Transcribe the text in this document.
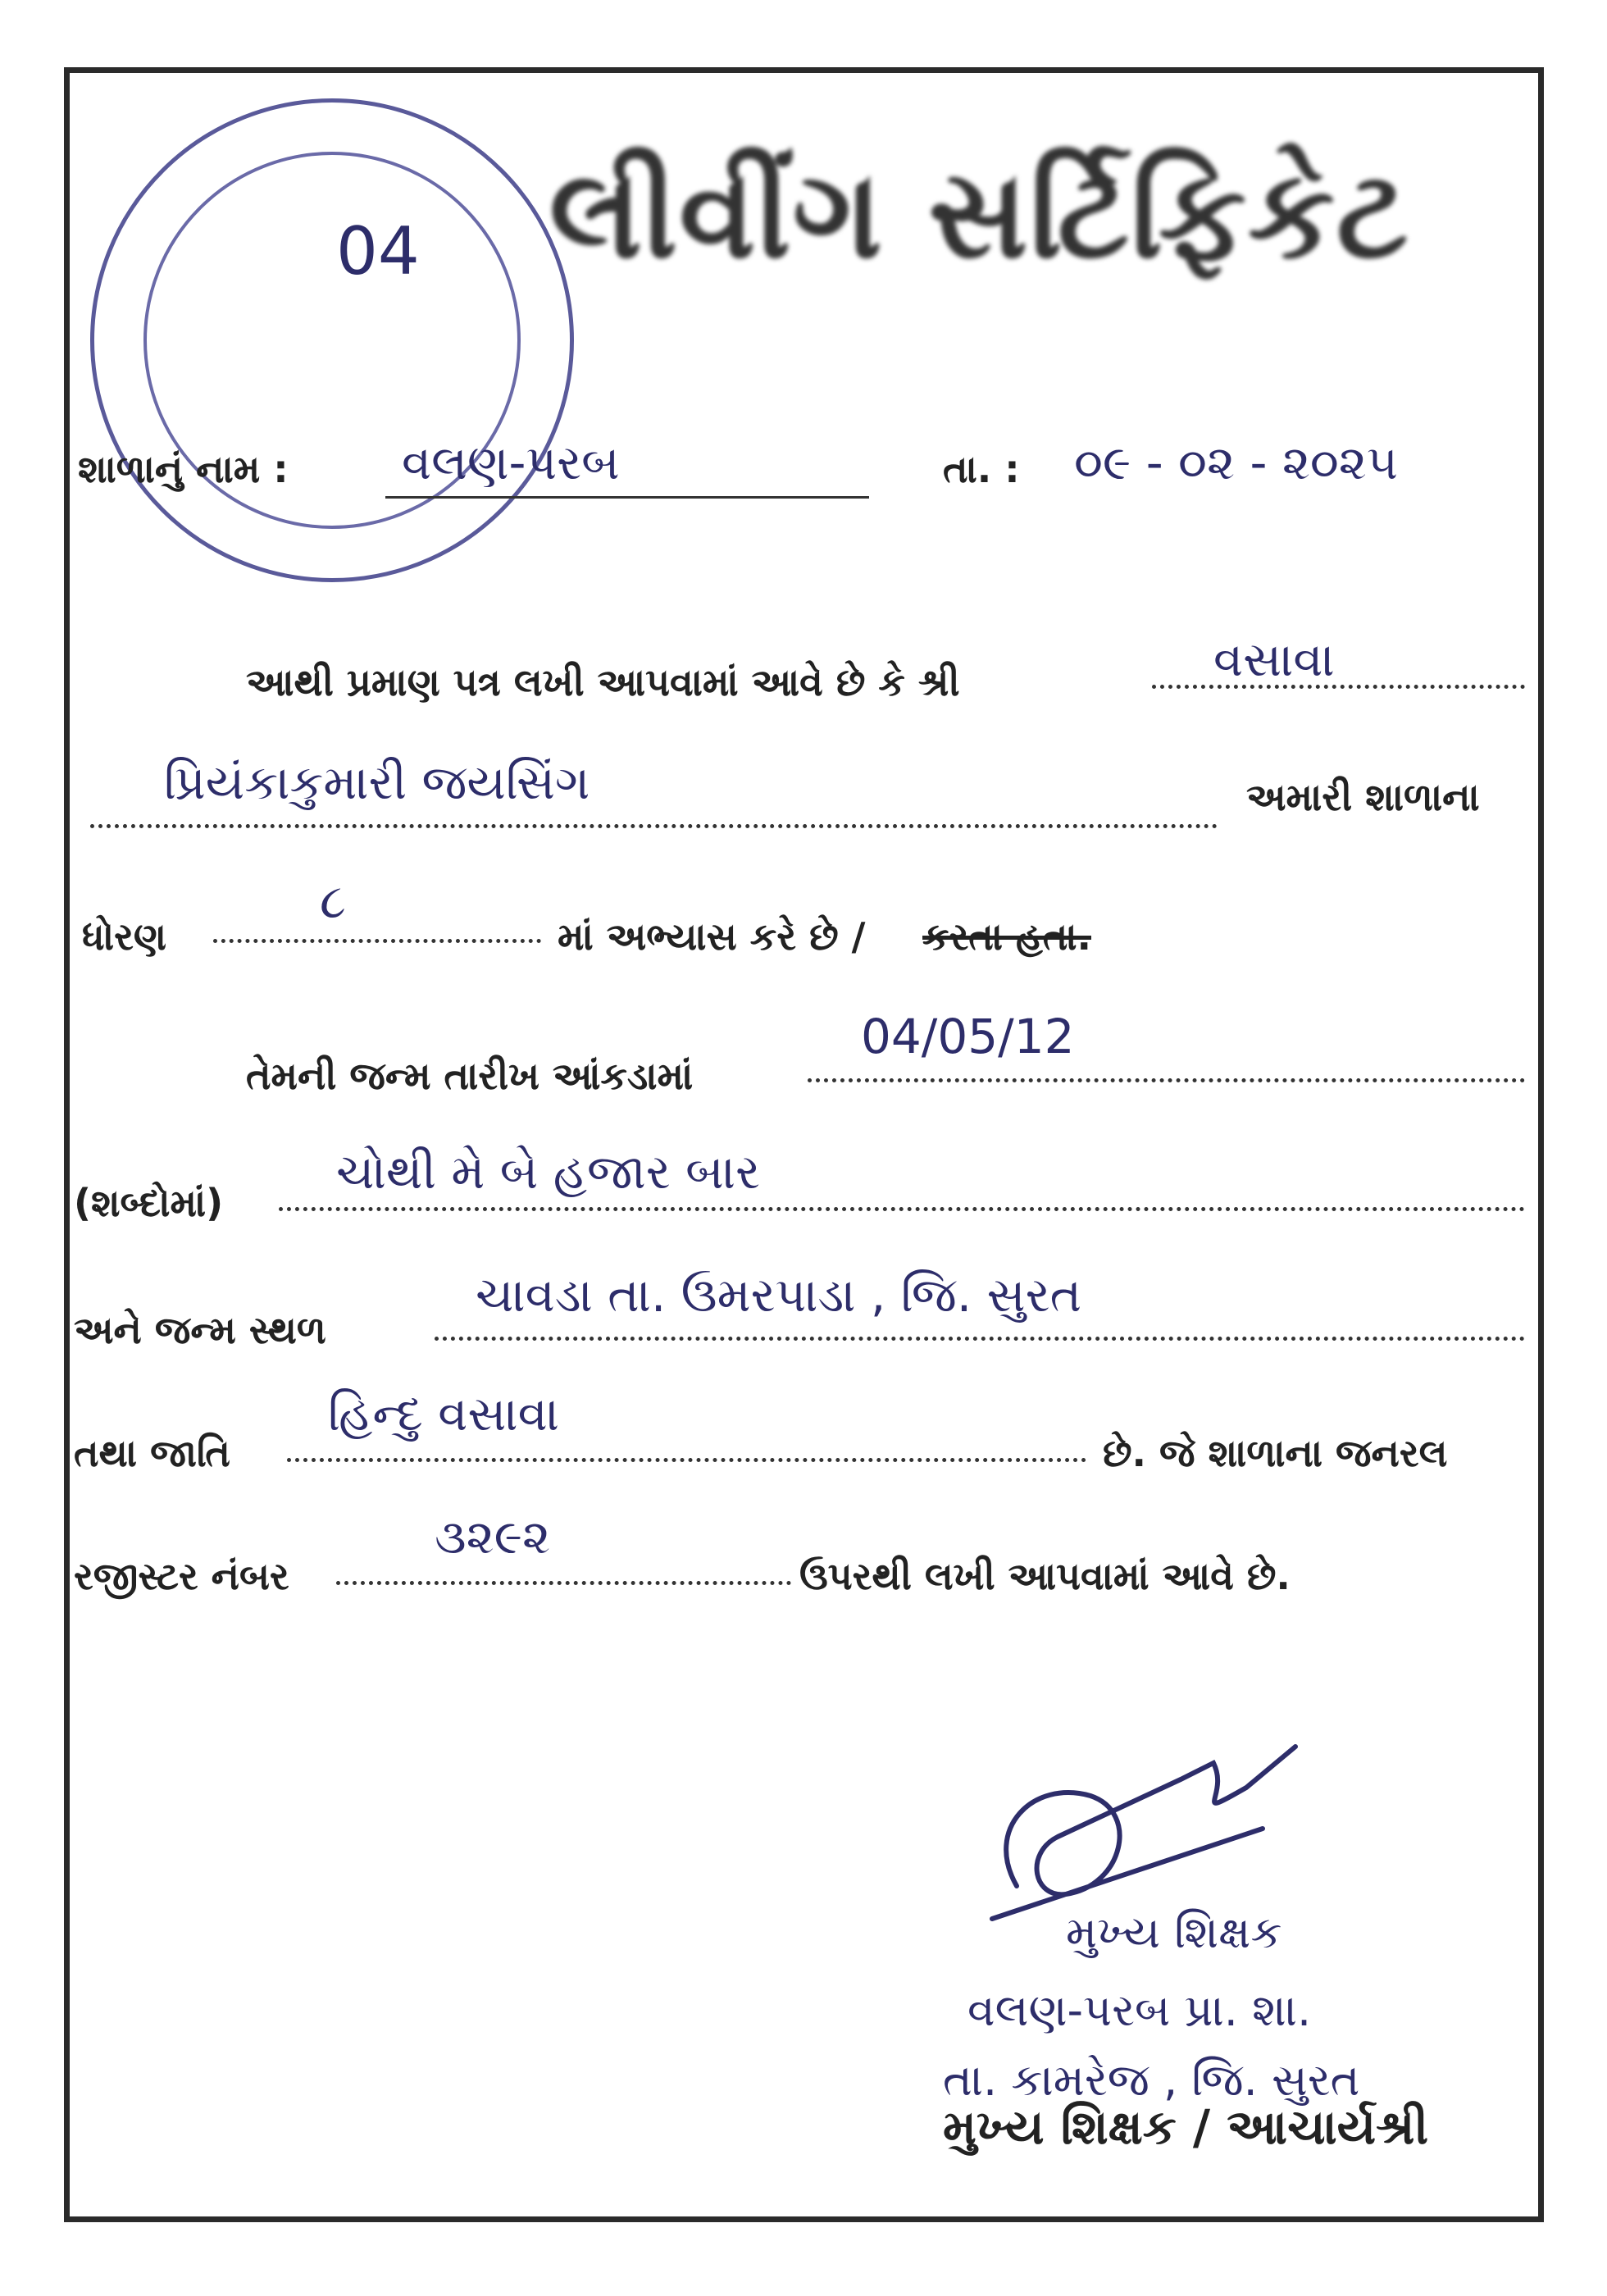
04 લીવીંગ સર્ટિફિકેટ
શાળાનું નામ : વલણ-પરબ	તા. : ૦૯ - ૦૨ - ૨૦૨૫
આથી પ્રમાણ પત્ર લખી આપવામાં આવે છે કે શ્રી	વસાવા
પ્રિયંકાકુમારી જયસિંગ	અમારી શાળાના
ધોરણ
૮
માં અભ્યાસ કરે છે / કરતા હતા.
તેમની જન્મ તારીખ આંકડામાં
04/05/12
(શબ્દોમાં)
ચોથી મે બે હજાર બાર
અને જન્મ સ્થળ
ચાવડા તા. ઉમરપાડા , જિ. સુરત
તથા જાતિ
હિન્દુ વસાવા
છે. જે શાળાના જનરલ
રજીસ્ટર નંબર
૩૨૯૨
ઉપરથી લખી આપવામાં આવે છે.
મુખ્ય શિક્ષક
વલણ-પરબ પ્રા. શા.
તા. કામરેજ , જિ. સુરત
મુખ્ય શિક્ષક / આચાર્યશ્રી
